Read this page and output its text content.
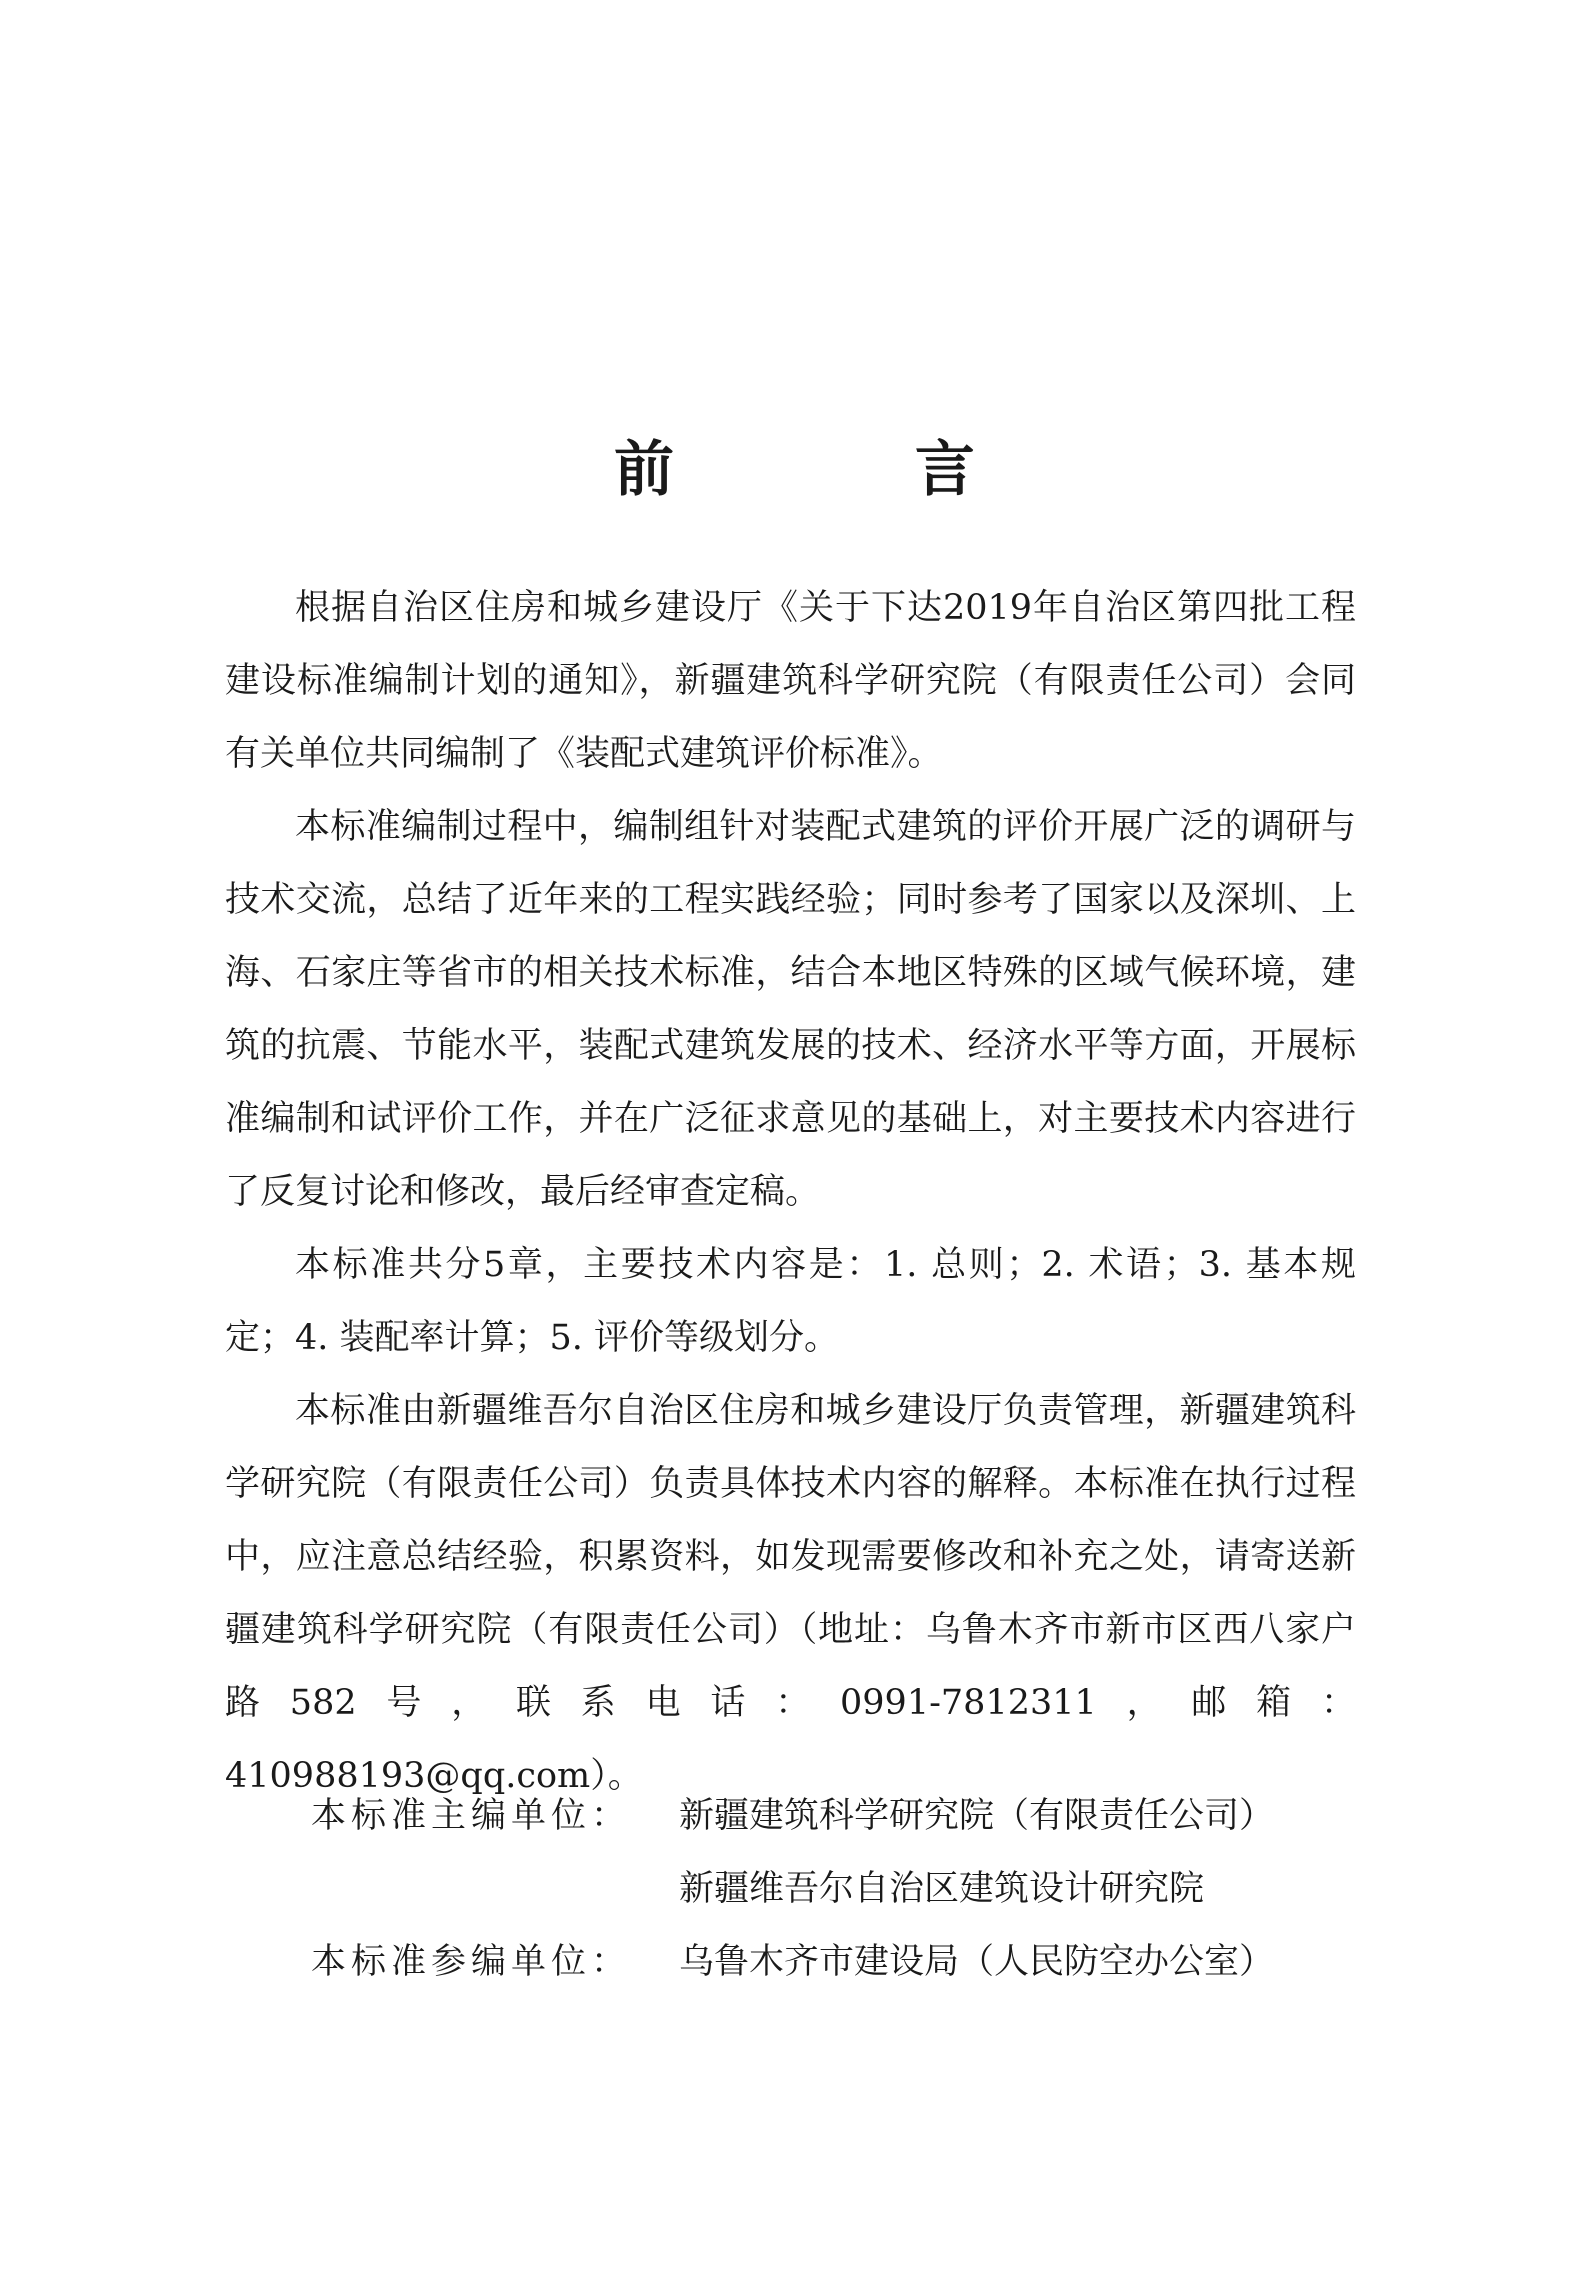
前 言

根据自治区住房和城乡建设厅《关于下达2019年自治区第四批工程建设标准编制计划的通知》，新疆建筑科学研究院（有限责任公司）会同有关单位共同编制了《装配式建筑评价标准》。

本标准编制过程中，编制组针对装配式建筑的评价开展广泛的调研与技术交流，总结了近年来的工程实践经验；同时参考了国家以及深圳、上海、石家庄等省市的相关技术标准，结合本地区特殊的区域气候环境，建筑的抗震、节能水平，装配式建筑发展的技术、经济水平等方面，开展标准编制和试评价工作，并在广泛征求意见的基础上，对主要技术内容进行了反复讨论和修改，最后经审查定稿。

本标准共分5章，主要技术内容是：1. 总则；2. 术语；3. 基本规定；4. 装配率计算；5. 评价等级划分。

本标准由新疆维吾尔自治区住房和城乡建设厅负责管理，新疆建筑科学研究院（有限责任公司）负责具体技术内容的解释。本标准在执行过程中，应注意总结经验，积累资料，如发现需要修改和补充之处，请寄送新疆建筑科学研究院（有限责任公司）（地址：乌鲁木齐市新市区西八家户路582号，联系电话：0991-7812311，邮箱：410988193@qq.com）。

本标准主编单位：	新疆建筑科学研究院（有限责任公司）
新疆维吾尔自治区建筑设计研究院
本标准参编单位：	乌鲁木齐市建设局（人民防空办公室）
